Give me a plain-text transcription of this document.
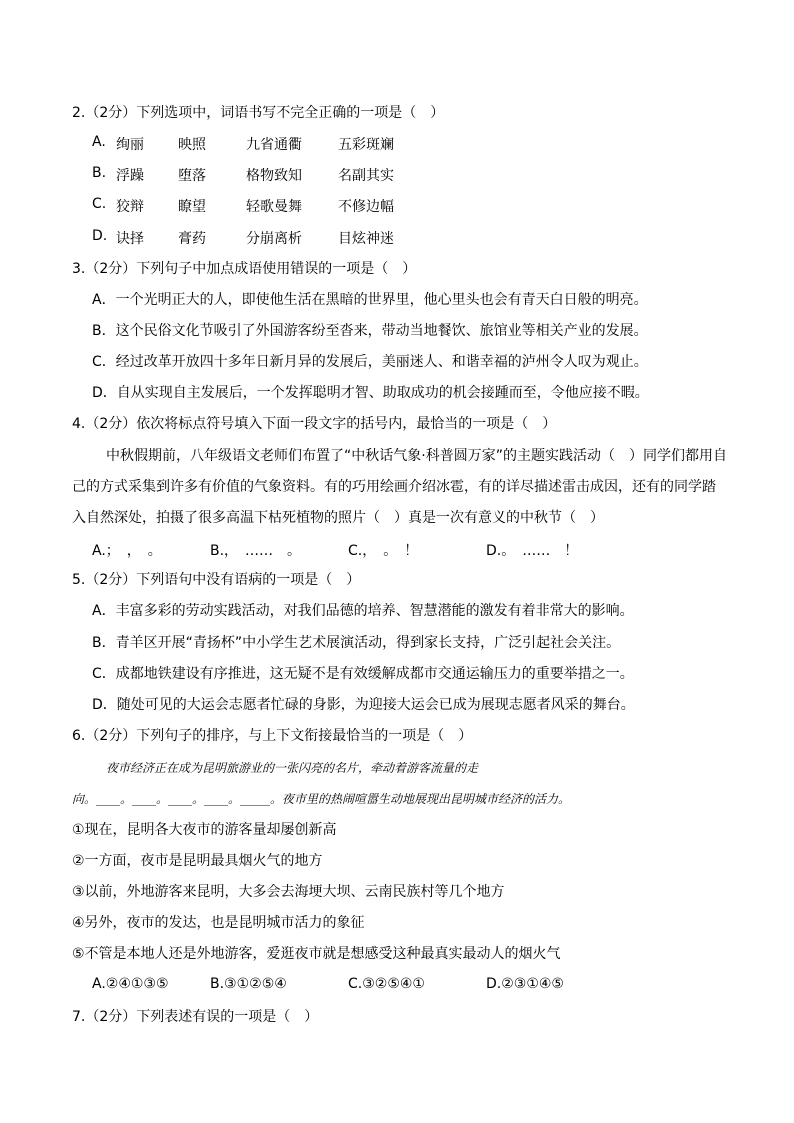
2.（2分）下列选项中，词语书写不完全正确的一项是（　）
A. 绚丽 映照	九省通衢	五彩斑斓
B. 浮躁 堕落	格物致知	名副其实
C. 狡辩 瞭望	轻歌曼舞	不修边幅
D. 诀择 膏药	分崩离析	目炫神迷
3.（2分）下列句子中加点成语使用错误的一项是（　）
A．一个光明正大的人，即使他生活在黑暗的世界里，他心里头也会有青天白日般的明亮。
B．这个民俗文化节吸引了外国游客纷至沓来，带动当地餐饮、旅馆业等相关产业的发展。
C．经过改革开放四十多年日新月异的发展后，美丽迷人、和谐幸福的泸州令人叹为观止。
D．自从实现自主发展后，一个发挥聪明才智、助取成功的机会接踵而至，令他应接不暇。
4.（2分）依次将标点符号填入下面一段文字的括号内，最恰当的一项是（　）
中秋假期前，八年级语文老师们布置了“中秋话气象·科普圆万家”的主题实践活动（　）同学们都用自
己的方式采集到许多有价值的气象资料。有的巧用绘画介绍冰雹，有的详尽描述雷击成因，还有的同学踏
入自然深处，拍摄了很多高温下枯死植物的照片（　）真是一次有意义的中秋节（　）
A.；　，　。	B.，　……　。	C.，　。　！	D.。　……　！
5.（2分）下列语句中没有语病的一项是（　）
A．丰富多彩的劳动实践活动，对我们品德的培养、智慧潜能的激发有着非常大的影响。
B．青羊区开展“青扬杯”中小学生艺术展演活动，得到家长支持，广泛引起社会关注。
C．成都地铁建设有序推进，这无疑不是有效缓解成都市交通运输压力的重要举措之一。
D．随处可见的大运会志愿者忙碌的身影，为迎接大运会已成为展现志愿者风采的舞台。
6.（2分）下列句子的排序，与上下文衔接最恰当的一项是（　）
夜市经济正在成为昆明旅游业的一张闪亮的名片，牵动着游客流量的走
向。____。____。____。____。_____。夜市里的热闹喧嚣生动地展现出昆明城市经济的活力。
①现在，昆明各大夜市的游客量却屡创新高
②一方面，夜市是昆明最具烟火气的地方
③以前，外地游客来昆明，大多会去海埂大坝、云南民族村等几个地方
④另外，夜市的发达，也是昆明城市活力的象征
⑤不管是本地人还是外地游客，爱逛夜市就是想感受这种最真实最动人的烟火气
A.②④①③⑤	B.③①②⑤④	C.③②⑤④①	D.②③①④⑤
7.（2分）下列表述有误的一项是（　）
